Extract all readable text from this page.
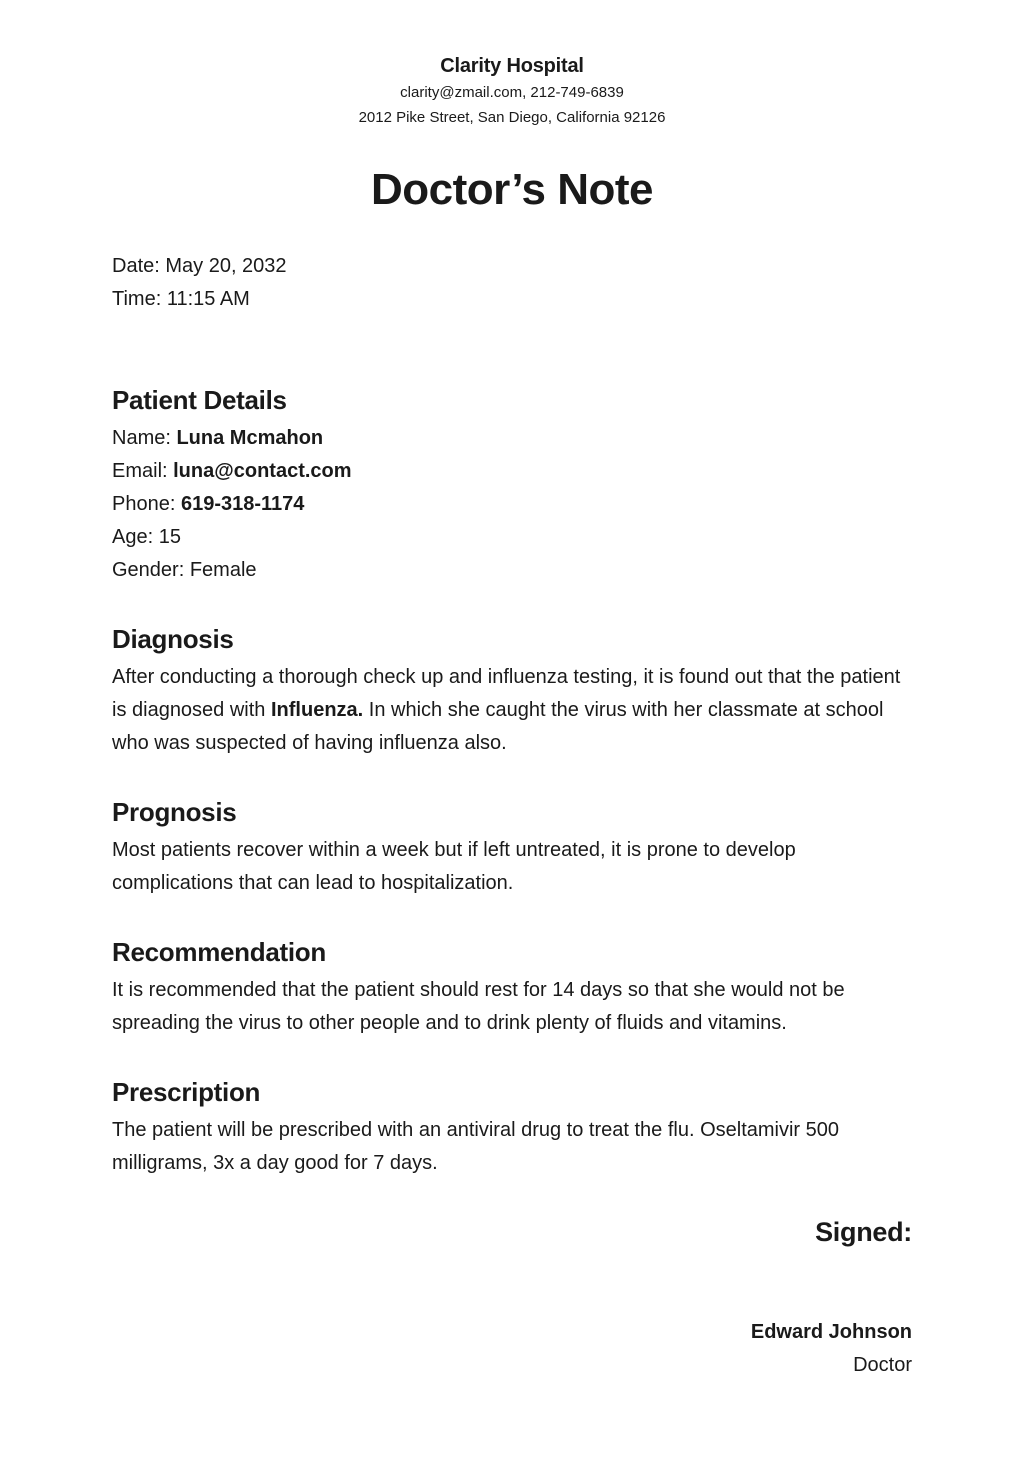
Clarity Hospital
clarity@zmail.com, 212-749-6839
2012 Pike Street, San Diego, California 92126
Doctor’s Note
Date: May 20, 2032
Time: 11:15 AM
Patient Details
Name: Luna Mcmahon
Email: luna@contact.com
Phone: 619-318-1174
Age: 15
Gender: Female
Diagnosis

After conducting a thorough check up and influenza testing, it is found out that the patient is diagnosed with Influenza. In which she caught the virus with her classmate at school who was suspected of having influenza also.

Prognosis

Most patients recover within a week but if left untreated, it is prone to develop complications that can lead to hospitalization.

Recommendation

It is recommended that the patient should rest for 14 days so that she would not be spreading the virus to other people and to drink plenty of fluids and vitamins.

Prescription

The patient will be prescribed with an antiviral drug to treat the flu. Oseltamivir 500 milligrams, 3x a day good for 7 days.

Signed:
Edward Johnson
Doctor
